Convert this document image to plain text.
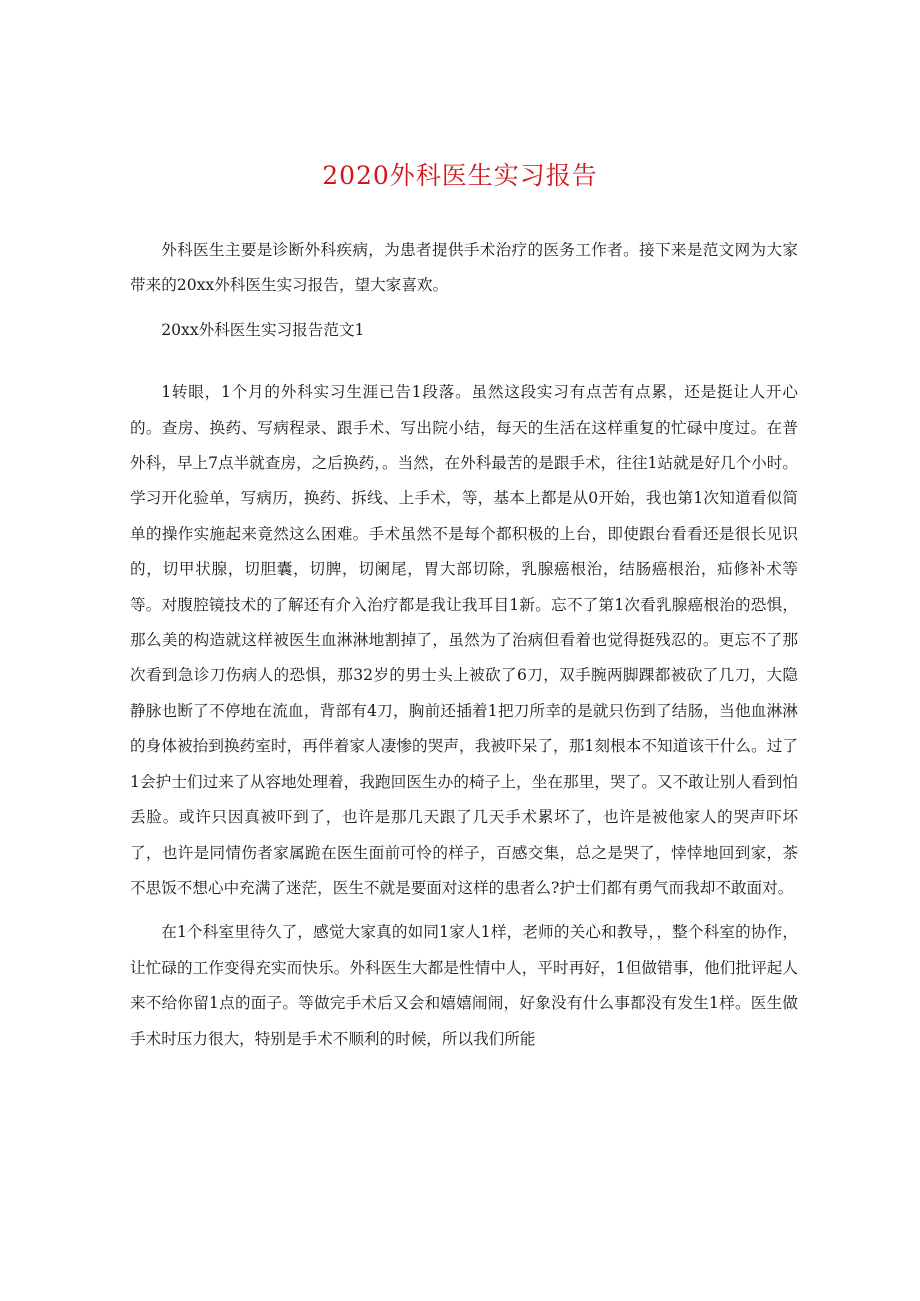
2020外科医生实习报告

外科医生主要是诊断外科疾病，为患者提供手术治疗的医务工作者。接下来是范文网为大家带来的20xx外科医生实习报告，望大家喜欢。

20xx外科医生实习报告范文1

1转眼，1个月的外科实习生涯已告1段落。虽然这段实习有点苦有点累，还是挺让人开心的。查房、换药、写病程录、跟手术、写出院小结，每天的生活在这样重复的忙碌中度过。在普外科，早上7点半就查房，之后换药，。当然，在外科最苦的是跟手术，往往1站就是好几个小时。学习开化验单，写病历，换药、拆线、上手术，等，基本上都是从0开始，我也第1次知道看似简单的操作实施起来竟然这么困难。手术虽然不是每个都积极的上台，即使跟台看看还是很长见识的，切甲状腺，切胆囊，切脾，切阑尾，胃大部切除，乳腺癌根治，结肠癌根治，疝修补术等等。对腹腔镜技术的了解还有介入治疗都是我让我耳目1新。忘不了第1次看乳腺癌根治的恐惧，那么美的构造就这样被医生血淋淋地割掉了，虽然为了治病但看着也觉得挺残忍的。更忘不了那次看到急诊刀伤病人的恐惧，那32岁的男士头上被砍了6刀，双手腕两脚踝都被砍了几刀，大隐静脉也断了不停地在流血，背部有4刀，胸前还插着1把刀所幸的是就只伤到了结肠，当他血淋淋的身体被抬到换药室时，再伴着家人凄惨的哭声，我被吓呆了，那1刻根本不知道该干什么。过了1会护士们过来了从容地处理着，我跑回医生办的椅子上，坐在那里，哭了。又不敢让别人看到怕丢脸。或许只因真被吓到了，也许是那几天跟了几天手术累坏了，也许是被他家人的哭声吓坏了，也许是同情伤者家属跪在医生面前可怜的样子，百感交集，总之是哭了，悻悻地回到家，茶不思饭不想心中充满了迷茫，医生不就是要面对这样的患者么?护士们都有勇气而我却不敢面对。

在1个科室里待久了，感觉大家真的如同1家人1样，老师的关心和教导，，整个科室的协作，让忙碌的工作变得充实而快乐。外科医生大都是性情中人，平时再好，1但做错事，他们批评起人来不给你留1点的面子。等做完手术后又会和嬉嬉闹闹，好象没有什么事都没有发生1样。医生做手术时压力很大，特别是手术不顺利的时候，所以我们所能
